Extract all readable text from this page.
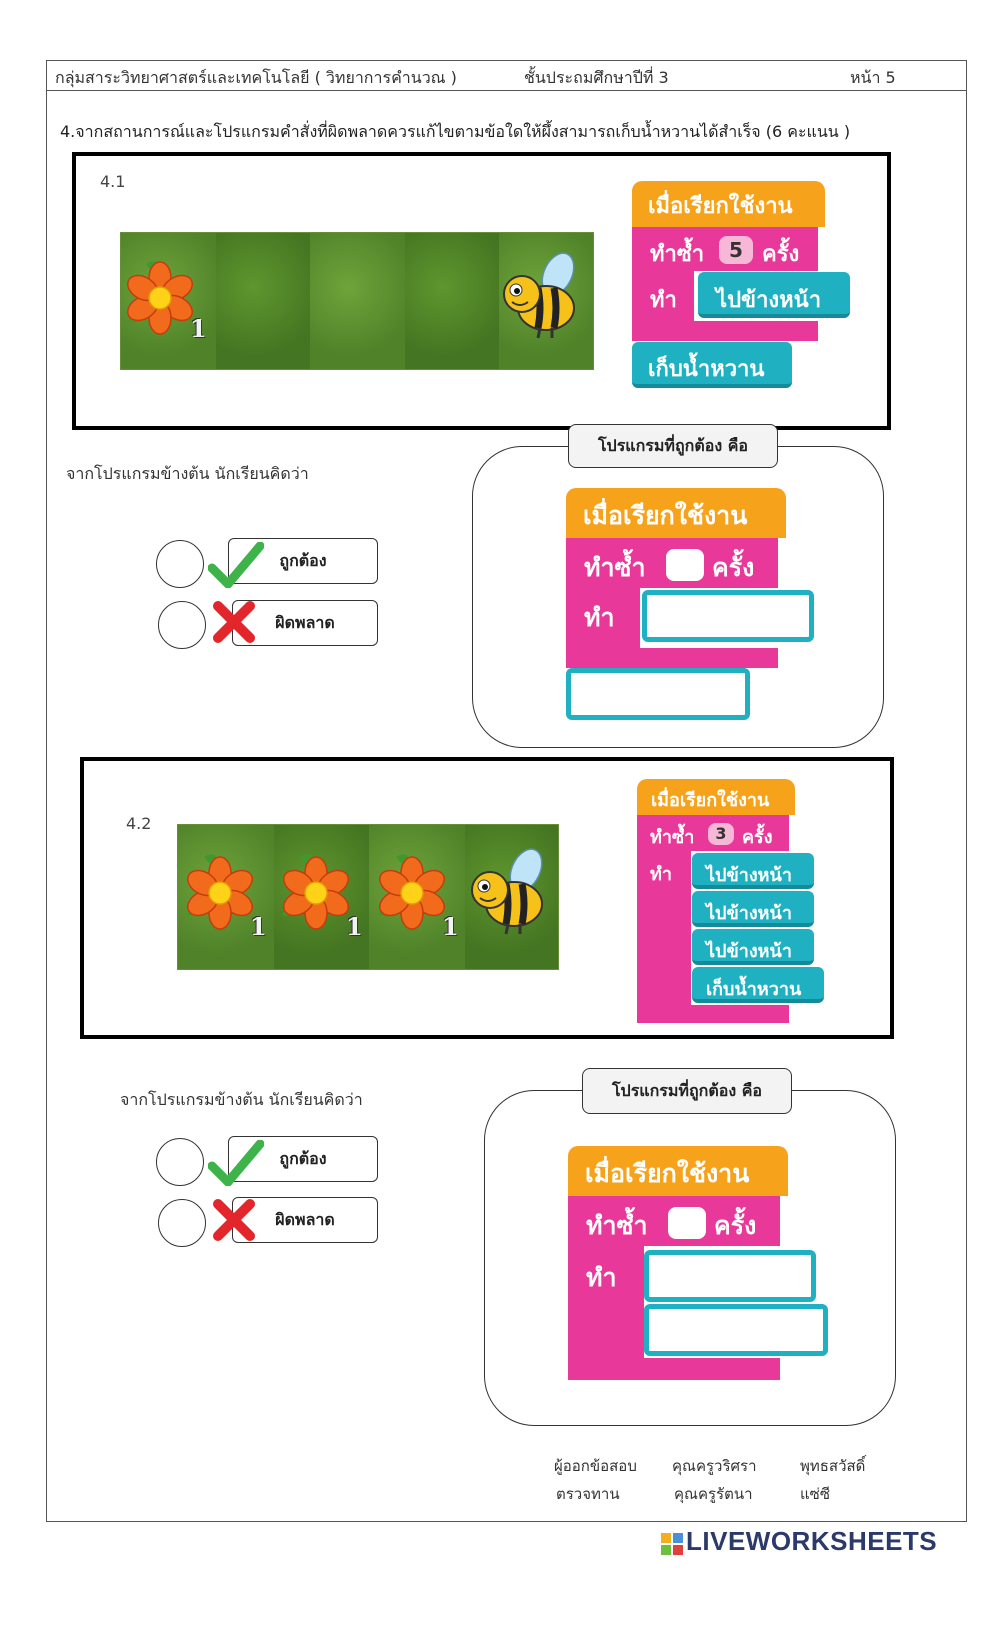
กลุ่มสาระวิทยาศาสตร์และเทคโนโลยี ( วิทยาการคำนวณ )	ชั้นประถมศึกษาปีที่ 3	หน้า 5
4.จากสถานการณ์และโปรแกรมคำสั่งที่ผิดพลาดควรแก้ไขตามข้อใดให้ผึ้งสามารถเก็บน้ำหวานได้สำเร็จ (6 คะแนน )
4.1
1
เมื่อเรียกใช้งาน
ทำซ้ำ	5 ครั้ง
ทำ ไปข้างหน้า
เก็บน้ำหวาน
จากโปรแกรมข้างต้น นักเรียนคิดว่า
ถูกต้อง
ผิดพลาด
โปรแกรมที่ถูกต้อง คือ
เมื่อเรียกใช้งาน
ทำซ้ำ	ครั้ง
ทำ
4.2
1	1	1
เมื่อเรียกใช้งาน
ทำซ้ำ	3 ครั้ง
ทำ ไปข้างหน้า
ไปข้างหน้า
ไปข้างหน้า
เก็บน้ำหวาน
จากโปรแกรมข้างต้น นักเรียนคิดว่า
ถูกต้อง
ผิดพลาด
โปรแกรมที่ถูกต้อง คือ
เมื่อเรียกใช้งาน
ทำซ้ำ	ครั้ง
ทำ
ผู้ออกข้อสอบ คุณครูวริศรา	พุทธสวัสดิ์
ตรวจทาน	คุณครูรัตนา	แซ่ซี
LIVEWORKSHEETS
